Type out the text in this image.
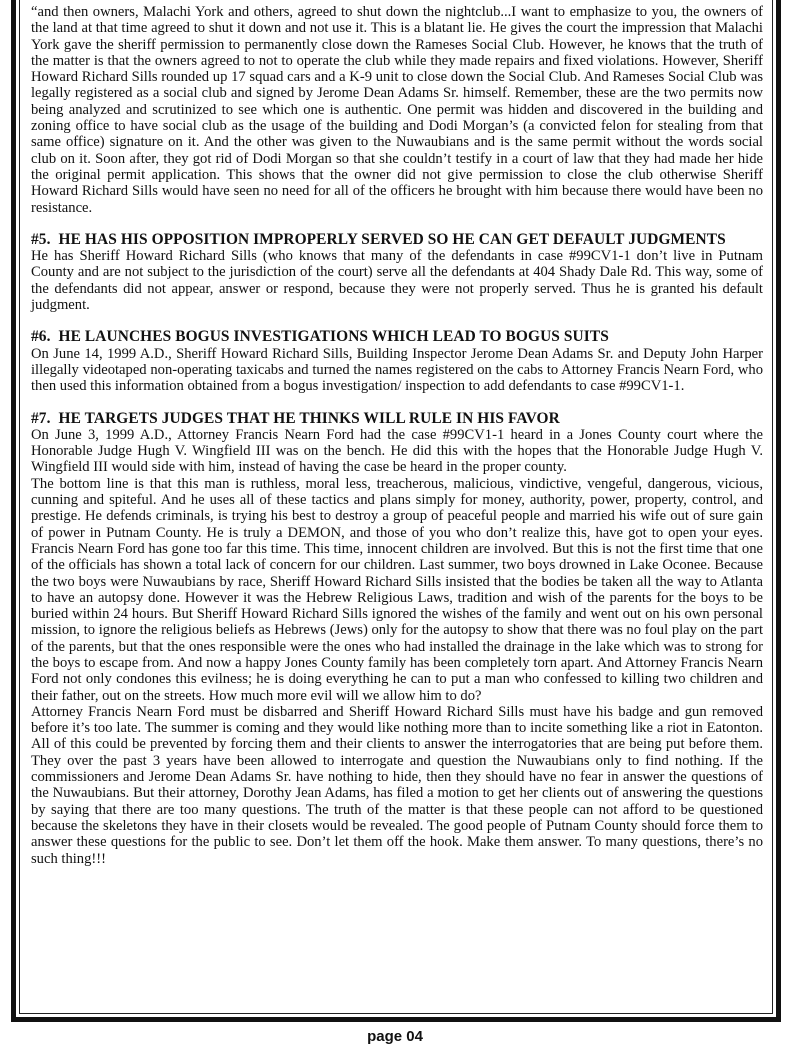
“and then owners, Malachi York and others, agreed to shut down the nightclub...I want to emphasize to you, the owners of the land at that time agreed to shut it down and not use it. This is a blatant lie. He gives the court the impression that Malachi York gave the sheriff permission to permanently close down the Rameses Social Club. However, he knows that the truth of the matter is that the owners agreed to not to operate the club while they made repairs and fixed violations. However, Sheriff Howard Richard Sills rounded up 17 squad cars and a K-9 unit to close down the Social Club. And Rameses Social Club was legally registered as a social club and signed by Jerome Dean Adams Sr. himself. Remember, these are the two permits now being analyzed and scrutinized to see which one is authentic. One permit was hidden and discovered in the building and zoning office to have social club as the usage of the building and Dodi Morgan’s (a convicted felon for stealing from that same office) signature on it. And the other was given to the Nuwaubians and is the same permit without the words social club on it. Soon after, they got rid of Dodi Morgan so that she couldn’t testify in a court of law that they had made her hide the original permit application. This shows that the owner did not give permission to close the club otherwise Sheriff Howard Richard Sills would have seen no need for all of the officers he brought with him because there would have been no resistance.

#5. HE HAS HIS OPPOSITION IMPROPERLY SERVED SO HE CAN GET DEFAULT JUDGMENTS

He has Sheriff Howard Richard Sills (who knows that many of the defendants in case #99CV1-1 don’t live in Putnam County and are not subject to the jurisdiction of the court) serve all the defendants at 404 Shady Dale Rd. This way, some of the defendants did not appear, answer or respond, because they were not properly served. Thus he is granted his default judgment.

#6. HE LAUNCHES BOGUS INVESTIGATIONS WHICH LEAD TO BOGUS SUITS

On June 14, 1999 A.D., Sheriff Howard Richard Sills, Building Inspector Jerome Dean Adams Sr. and Deputy John Harper illegally videotaped non-operating taxicabs and turned the names registered on the cabs to Attorney Francis Nearn Ford, who then used this information obtained from a bogus investigation/ inspection to add defendants to case #99CV1-1.

#7. HE TARGETS JUDGES THAT HE THINKS WILL RULE IN HIS FAVOR

On June 3, 1999 A.D., Attorney Francis Nearn Ford had the case #99CV1-1 heard in a Jones County court where the Honorable Judge Hugh V. Wingfield III was on the bench. He did this with the hopes that the Honorable Judge Hugh V. Wingfield III would side with him, instead of having the case be heard in the proper county.

The bottom line is that this man is ruthless, moral less, treacherous, malicious, vindictive, vengeful, dangerous, vicious, cunning and spiteful. And he uses all of these tactics and plans simply for money, authority, power, property, control, and prestige. He defends criminals, is trying his best to destroy a group of peaceful people and married his wife out of sure gain of power in Putnam County. He is truly a DEMON, and those of you who don’t realize this, have got to open your eyes. Francis Nearn Ford has gone too far this time. This time, innocent children are involved. But this is not the first time that one of the officials has shown a total lack of concern for our children. Last summer, two boys drowned in Lake Oconee. Because the two boys were Nuwaubians by race, Sheriff Howard Richard Sills insisted that the bodies be taken all the way to Atlanta to have an autopsy done. However it was the Hebrew Religious Laws, tradition and wish of the parents for the boys to be buried within 24 hours. But Sheriff Howard Richard Sills ignored the wishes of the family and went out on his own personal mission, to ignore the religious beliefs as Hebrews (Jews) only for the autopsy to show that there was no foul play on the part of the parents, but that the ones responsible were the ones who had installed the drainage in the lake which was to strong for the boys to escape from. And now a happy Jones County family has been completely torn apart. And Attorney Francis Nearn Ford not only condones this evilness; he is doing everything he can to put a man who confessed to killing two children and their father, out on the streets. How much more evil will we allow him to do?

Attorney Francis Nearn Ford must be disbarred and Sheriff Howard Richard Sills must have his badge and gun removed before it’s too late. The summer is coming and they would like nothing more than to incite something like a riot in Eatonton. All of this could be prevented by forcing them and their clients to answer the interrogatories that are being put before them. They over the past 3 years have been allowed to interrogate and question the Nuwaubians only to find nothing. If the commissioners and Jerome Dean Adams Sr. have nothing to hide, then they should have no fear in answer the questions of the Nuwaubians. But their attorney, Dorothy Jean Adams, has filed a motion to get her clients out of answering the questions by saying that there are too many questions. The truth of the matter is that these people can not afford to be questioned because the skeletons they have in their closets would be revealed. The good people of Putnam County should force them to answer these questions for the public to see. Don’t let them off the hook. Make them answer. To many questions, there’s no such thing!!!

page 04
